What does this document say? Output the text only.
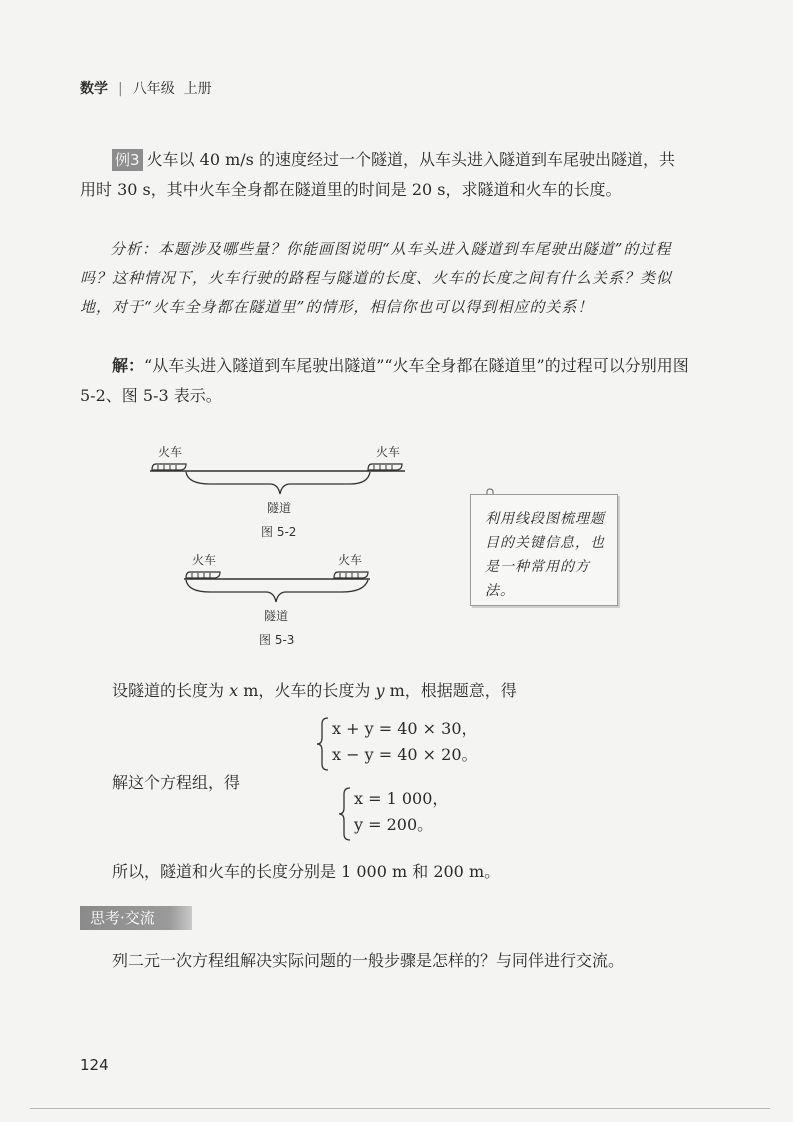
数学 | 八年级 上册
例3 火车以 40 m/s 的速度经过一个隧道，从车头进入隧道到车尾驶出隧道，共用时 30 s，其中火车全身都在隧道里的时间是 20 s，求隧道和火车的长度。
分析：本题涉及哪些量？你能画图说明“从车头进入隧道到车尾驶出隧道”的过程吗？这种情况下，火车行驶的路程与隧道的长度、火车的长度之间有什么关系？类似地，对于“火车全身都在隧道里”的情形，相信你也可以得到相应的关系！
解：“从车头进入隧道到车尾驶出隧道”“火车全身都在隧道里”的过程可以分别用图 5-2、图 5-3 表示。
火车	火车
隧道
图 5-2
火车	火车
隧道
图 5-3
利用线段图梳理题目的关键信息，也是一种常用的方法。
设隧道的长度为 x m，火车的长度为 y m，根据题意，得
x + y = 40 × 30，
x − y = 40 × 20。
解这个方程组，得
x = 1 000，
y = 200。
所以，隧道和火车的长度分别是 1 000 m 和 200 m。
思考·交流
列二元一次方程组解决实际问题的一般步骤是怎样的？与同伴进行交流。
124
